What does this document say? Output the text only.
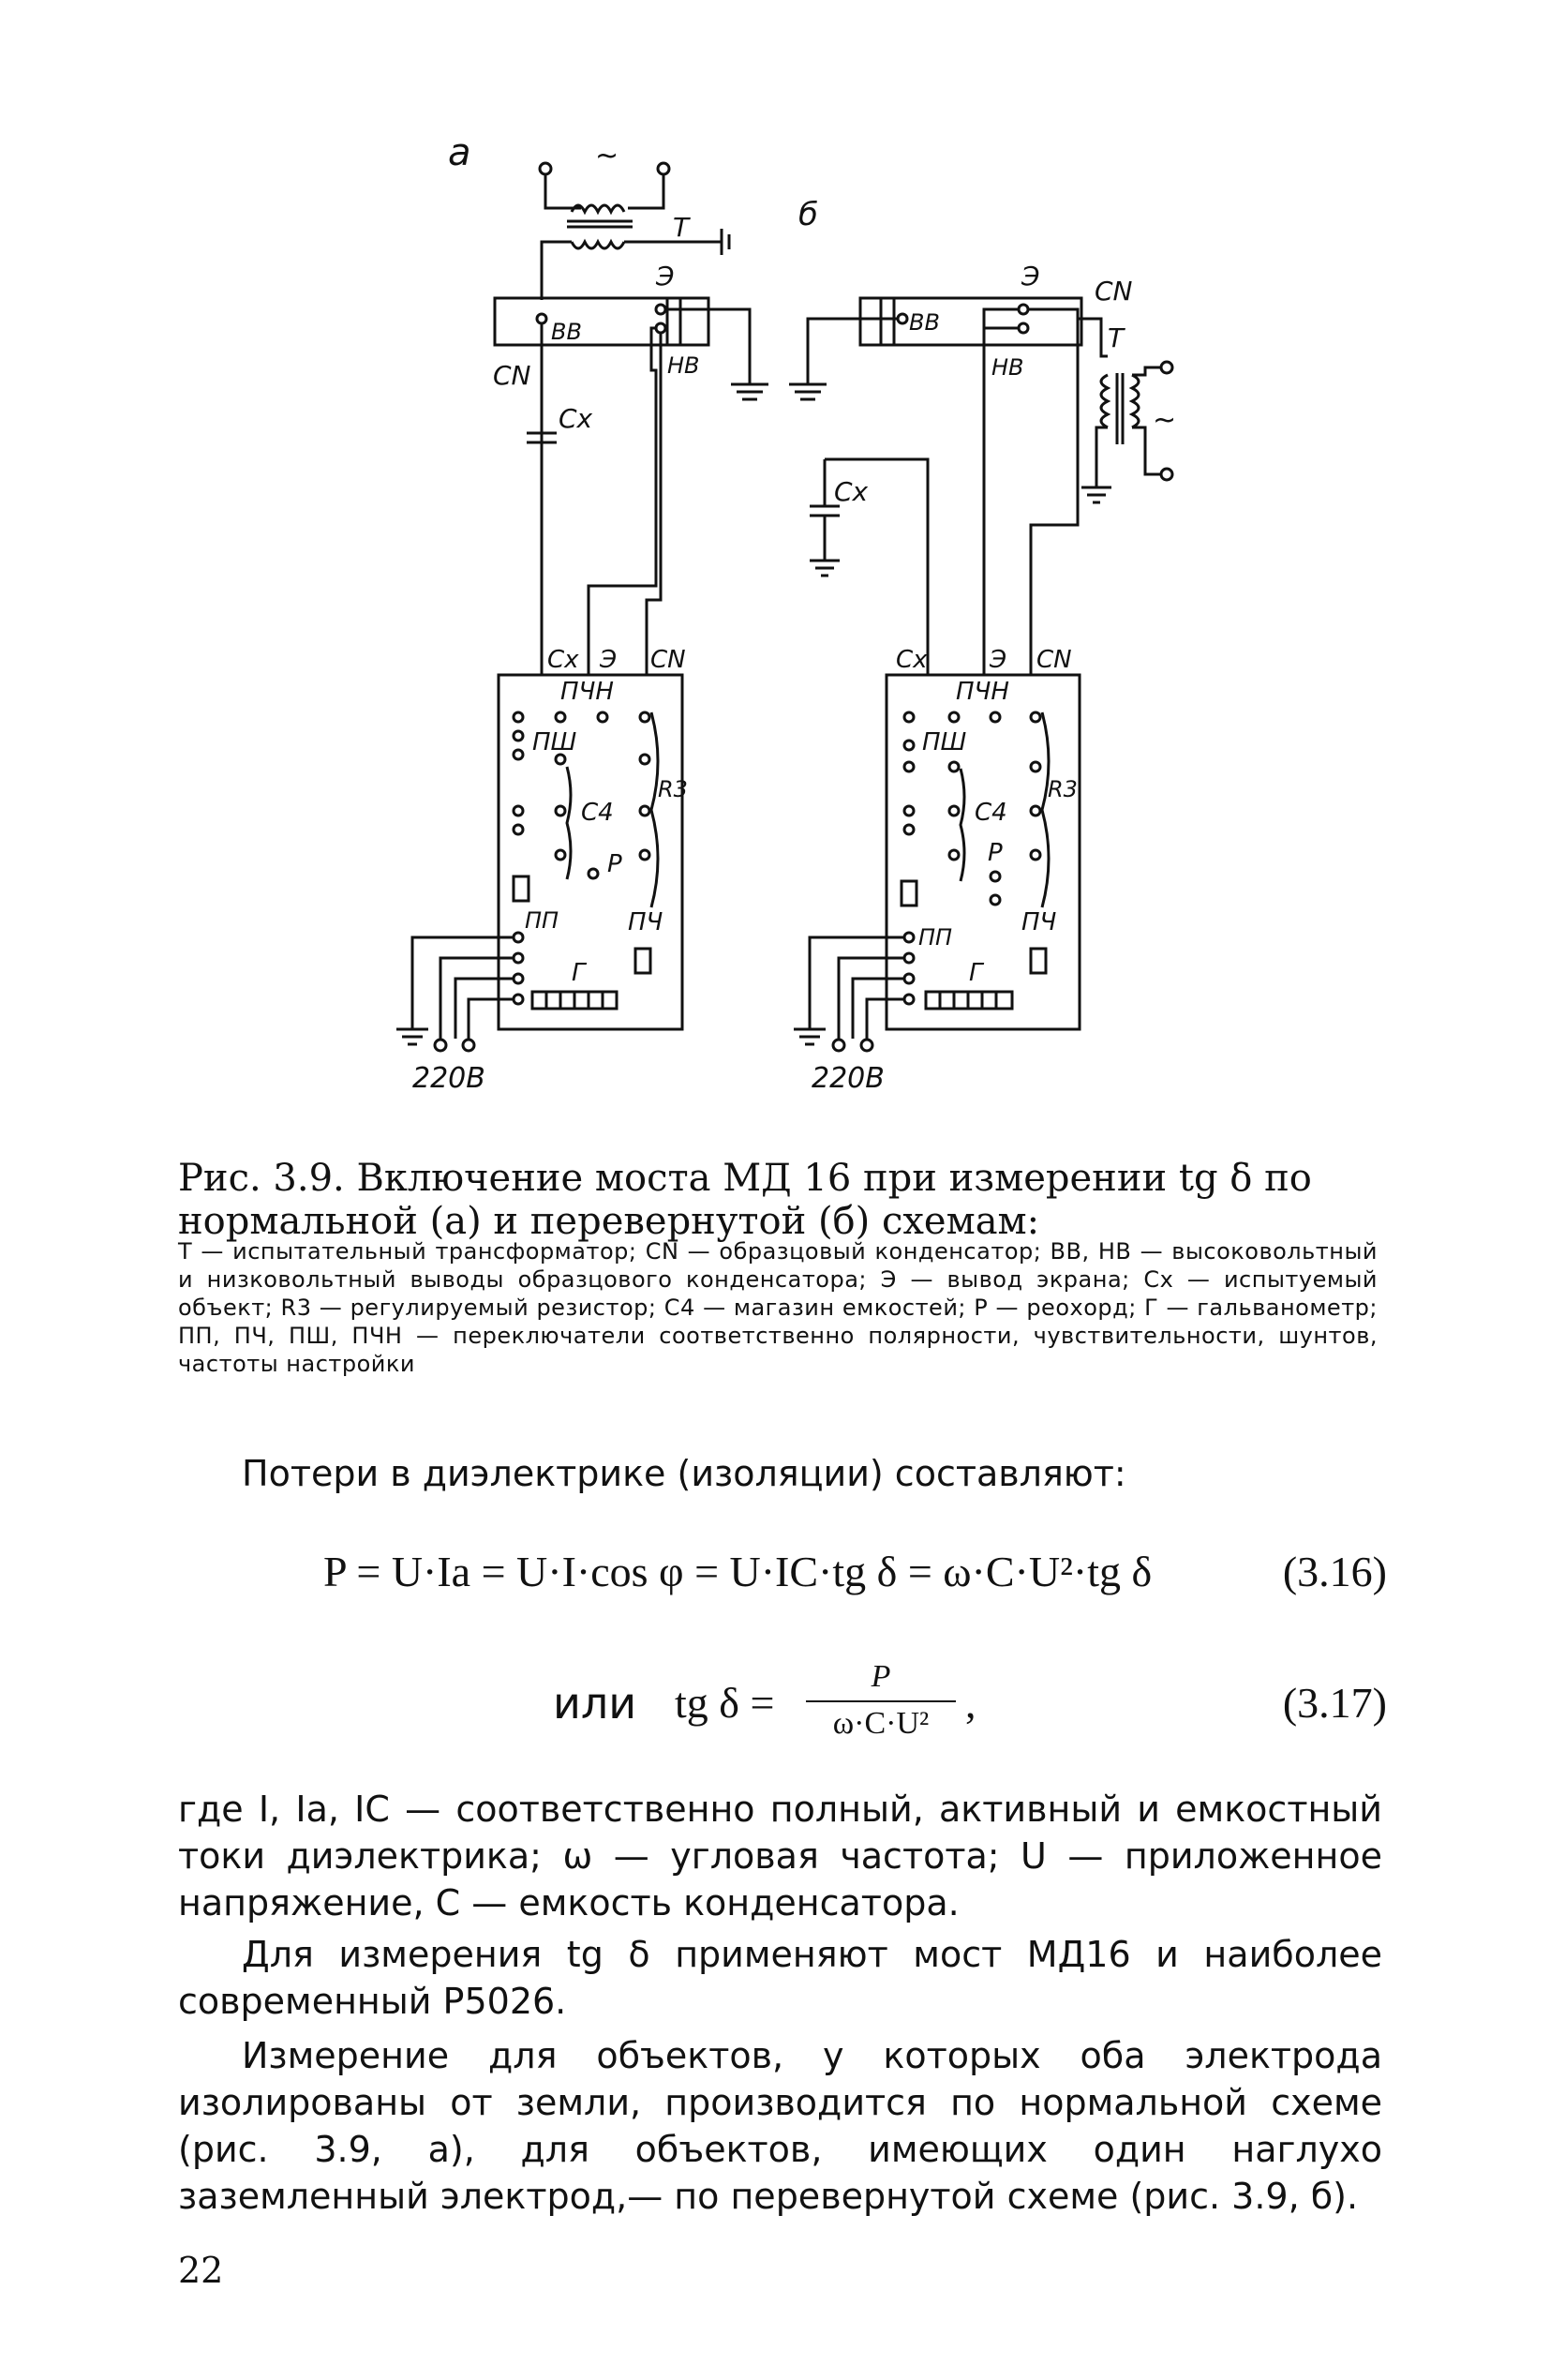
а	~
T
Э
ВВ
НВ
CN
Cx
Cx Э CN
ПЧН
ПШ
C4
R3
Р
ПП	ПЧ
Г
220В
б
Э CN
T
ВВ
НВ
~
Cx
Cx	Э CN
ПЧН
ПШ
C4
R3
Р
ПП
ПЧ
Г
220В
Рис. 3.9. Включение моста МД 16 при измерении tg δ по нормальной (а) и перевернутой (б) схемам:
Т — испытательный трансформатор; CN — образцовый конденсатор; ВВ, НВ — высоковольтный и низковольтный выводы образцового конденсатора; Э — вывод экрана; Cx — испытуемый объект; R3 — регулируемый резистор; C4 — магазин емкостей; Р — реохорд; Г — гальванометр; ПП, ПЧ, ПШ, ПЧН — переключатели соответственно полярности, чувствительности, шунтов, частоты настройки
Потери в диэлектрике (изоляции) составляют:
P = U·Iа = U·I·cos φ = U·IC·tg δ = ω·C·U²·tg δ	(3.16)
или tg δ =
P
ω·C·U² ,	(3.17)
где I, Iа, IC — соответственно полный, активный и емкостный токи диэлектрика; ω — угловая частота; U — приложенное напряжение, C — емкость конденсатора.
Для измерения tg δ применяют мост МД16 и наиболее современный Р5026.
Измерение для объектов, у которых оба электрода изолированы от земли, производится по нормальной схеме (рис. 3.9, а), для объектов, имеющих один наглухо заземленный электрод,— по перевернутой схеме (рис. 3.9, б).
22
